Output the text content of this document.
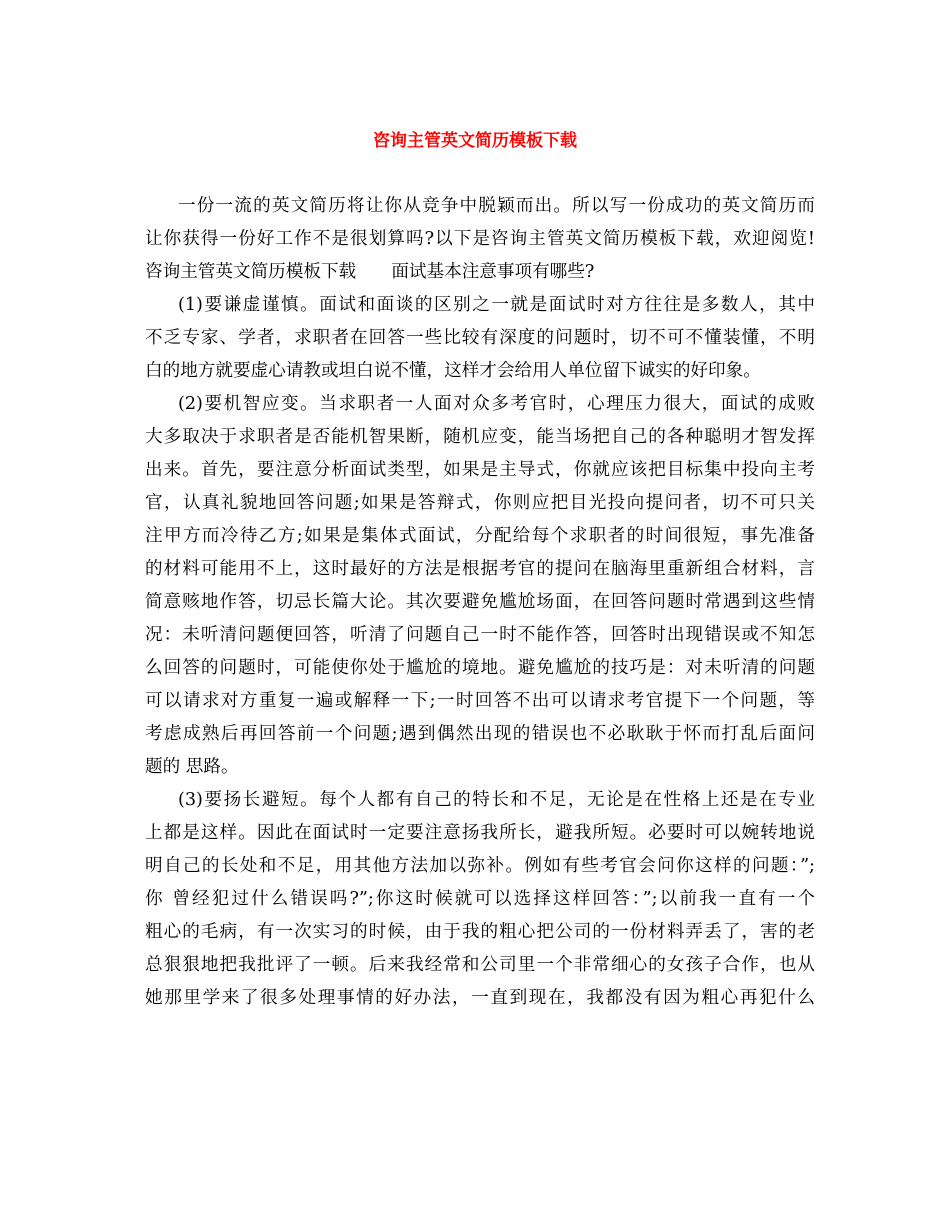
咨询主管英文简历模板下载
一份一流的英文简历将让你从竞争中脱颖而出。所以写一份成功的英文简历而
让你获得一份好工作不是很划算吗?以下是咨询主管英文简历模板下载，欢迎阅览!
咨询主管英文简历模板下载　　面试基本注意事项有哪些?
(1)要谦虚谨慎。面试和面谈的区别之一就是面试时对方往往是多数人，其中
不乏专家、学者，求职者在回答一些比较有深度的问题时，切不可不懂装懂，不明
白的地方就要虚心请教或坦白说不懂，这样才会给用人单位留下诚实的好印象。
(2)要机智应变。当求职者一人面对众多考官时，心理压力很大，面试的成败
大多取决于求职者是否能机智果断，随机应变，能当场把自己的各种聪明才智发挥
出来。首先，要注意分析面试类型，如果是主导式，你就应该把目标集中投向主考
官，认真礼貌地回答问题;如果是答辩式，你则应把目光投向提问者，切不可只关
注甲方而冷待乙方;如果是集体式面试，分配给每个求职者的时间很短，事先准备
的材料可能用不上，这时最好的方法是根据考官的提问在脑海里重新组合材料，言
简意赅地作答，切忌长篇大论。其次要避免尴尬场面，在回答问题时常遇到这些情
况：未听清问题便回答，听清了问题自己一时不能作答，回答时出现错误或不知怎
么回答的问题时，可能使你处于尴尬的境地。避免尴尬的技巧是：对未听清的问题
可以请求对方重复一遍或解释一下;一时回答不出可以请求考官提下一个问题，等
考虑成熟后再回答前一个问题;遇到偶然出现的错误也不必耿耿于怀而打乱后面问
题的 思路。
(3)要扬长避短。每个人都有自己的特长和不足，无论是在性格上还是在专业
上都是这样。因此在面试时一定要注意扬我所长，避我所短。必要时可以婉转地说
明自己的长处和不足，用其他方法加以弥补。例如有些考官会问你这样的问题：”;
你 曾经犯过什么错误吗?”;你这时候就可以选择这样回答：”;以前我一直有一个
粗心的毛病，有一次实习的时候，由于我的粗心把公司的一份材料弄丢了，害的老
总狠狠地把我批评了一顿。后来我经常和公司里一个非常细心的女孩子合作，也从
她那里学来了很多处理事情的好办法，一直到现在，我都没有因为粗心再犯什么
